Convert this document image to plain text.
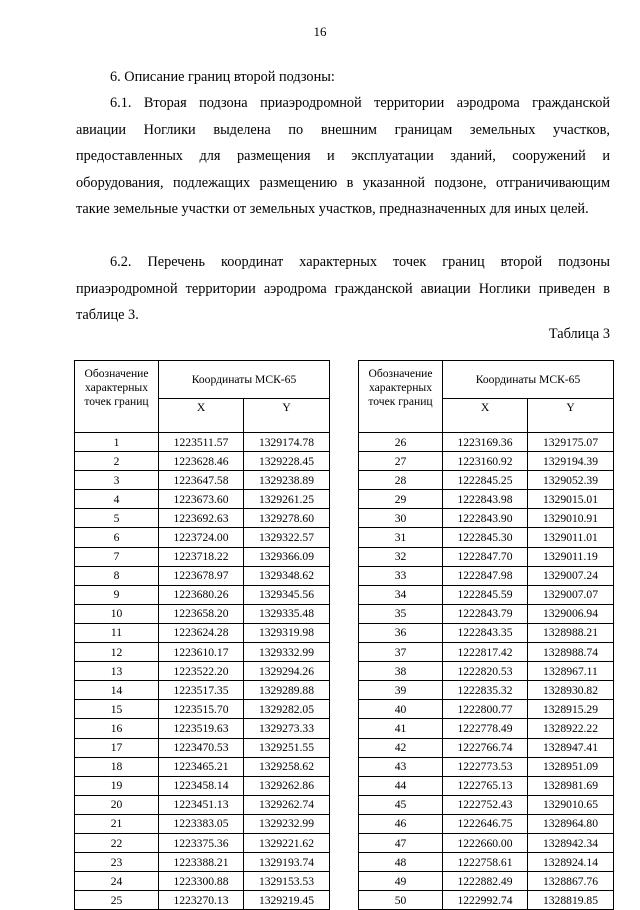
16
6. Описание границ второй подзоны:
6.1. Вторая подзона приаэродромной территории аэродрома гражданской авиации Ноглики выделена по внешним границам земельных участков, предоставленных для размещения и эксплуатации зданий, сооружений и оборудования, подлежащих размещению в указанной подзоне, отграничивающим такие земельные участки от земельных участков, предназначенных для иных целей.
6.2. Перечень координат характерных точек границ второй подзоны приаэродромной территории аэродрома гражданской авиации Ноглики приведен в таблице 3.
Таблица 3
Обозначение характерных точек границ	Координаты МСК-65	
	X	Y
1	1223511.57	1329174.78
2	1223628.46	1329228.45
3	1223647.58	1329238.89
4	1223673.60	1329261.25
5	1223692.63	1329278.60
6	1223724.00	1329322.57
7	1223718.22	1329366.09
8	1223678.97	1329348.62
9	1223680.26	1329345.56
10	1223658.20	1329335.48
11	1223624.28	1329319.98
12	1223610.17	1329332.99
13	1223522.20	1329294.26
14	1223517.35	1329289.88
15	1223515.70	1329282.05
16	1223519.63	1329273.33
17	1223470.53	1329251.55
18	1223465.21	1329258.62
19	1223458.14	1329262.86
20	1223451.13	1329262.74
21	1223383.05	1329232.99
22	1223375.36	1329221.62
23	1223388.21	1329193.74
24	1223300.88	1329153.53
25	1223270.13	1329219.45
Обозначение характерных точек границ	Координаты МСК-65	
	X	Y
26	1223169.36	1329175.07
27	1223160.92	1329194.39
28	1222845.25	1329052.39
29	1222843.98	1329015.01
30	1222843.90	1329010.91
31	1222845.30	1329011.01
32	1222847.70	1329011.19
33	1222847.98	1329007.24
34	1222845.59	1329007.07
35	1222843.79	1329006.94
36	1222843.35	1328988.21
37	1222817.42	1328988.74
38	1222820.53	1328967.11
39	1222835.32	1328930.82
40	1222800.77	1328915.29
41	1222778.49	1328922.22
42	1222766.74	1328947.41
43	1222773.53	1328951.09
44	1222765.13	1328981.69
45	1222752.43	1329010.65
46	1222646.75	1328964.80
47	1222660.00	1328942.34
48	1222758.61	1328924.14
49	1222882.49	1328867.76
50	1222992.74	1328819.85
